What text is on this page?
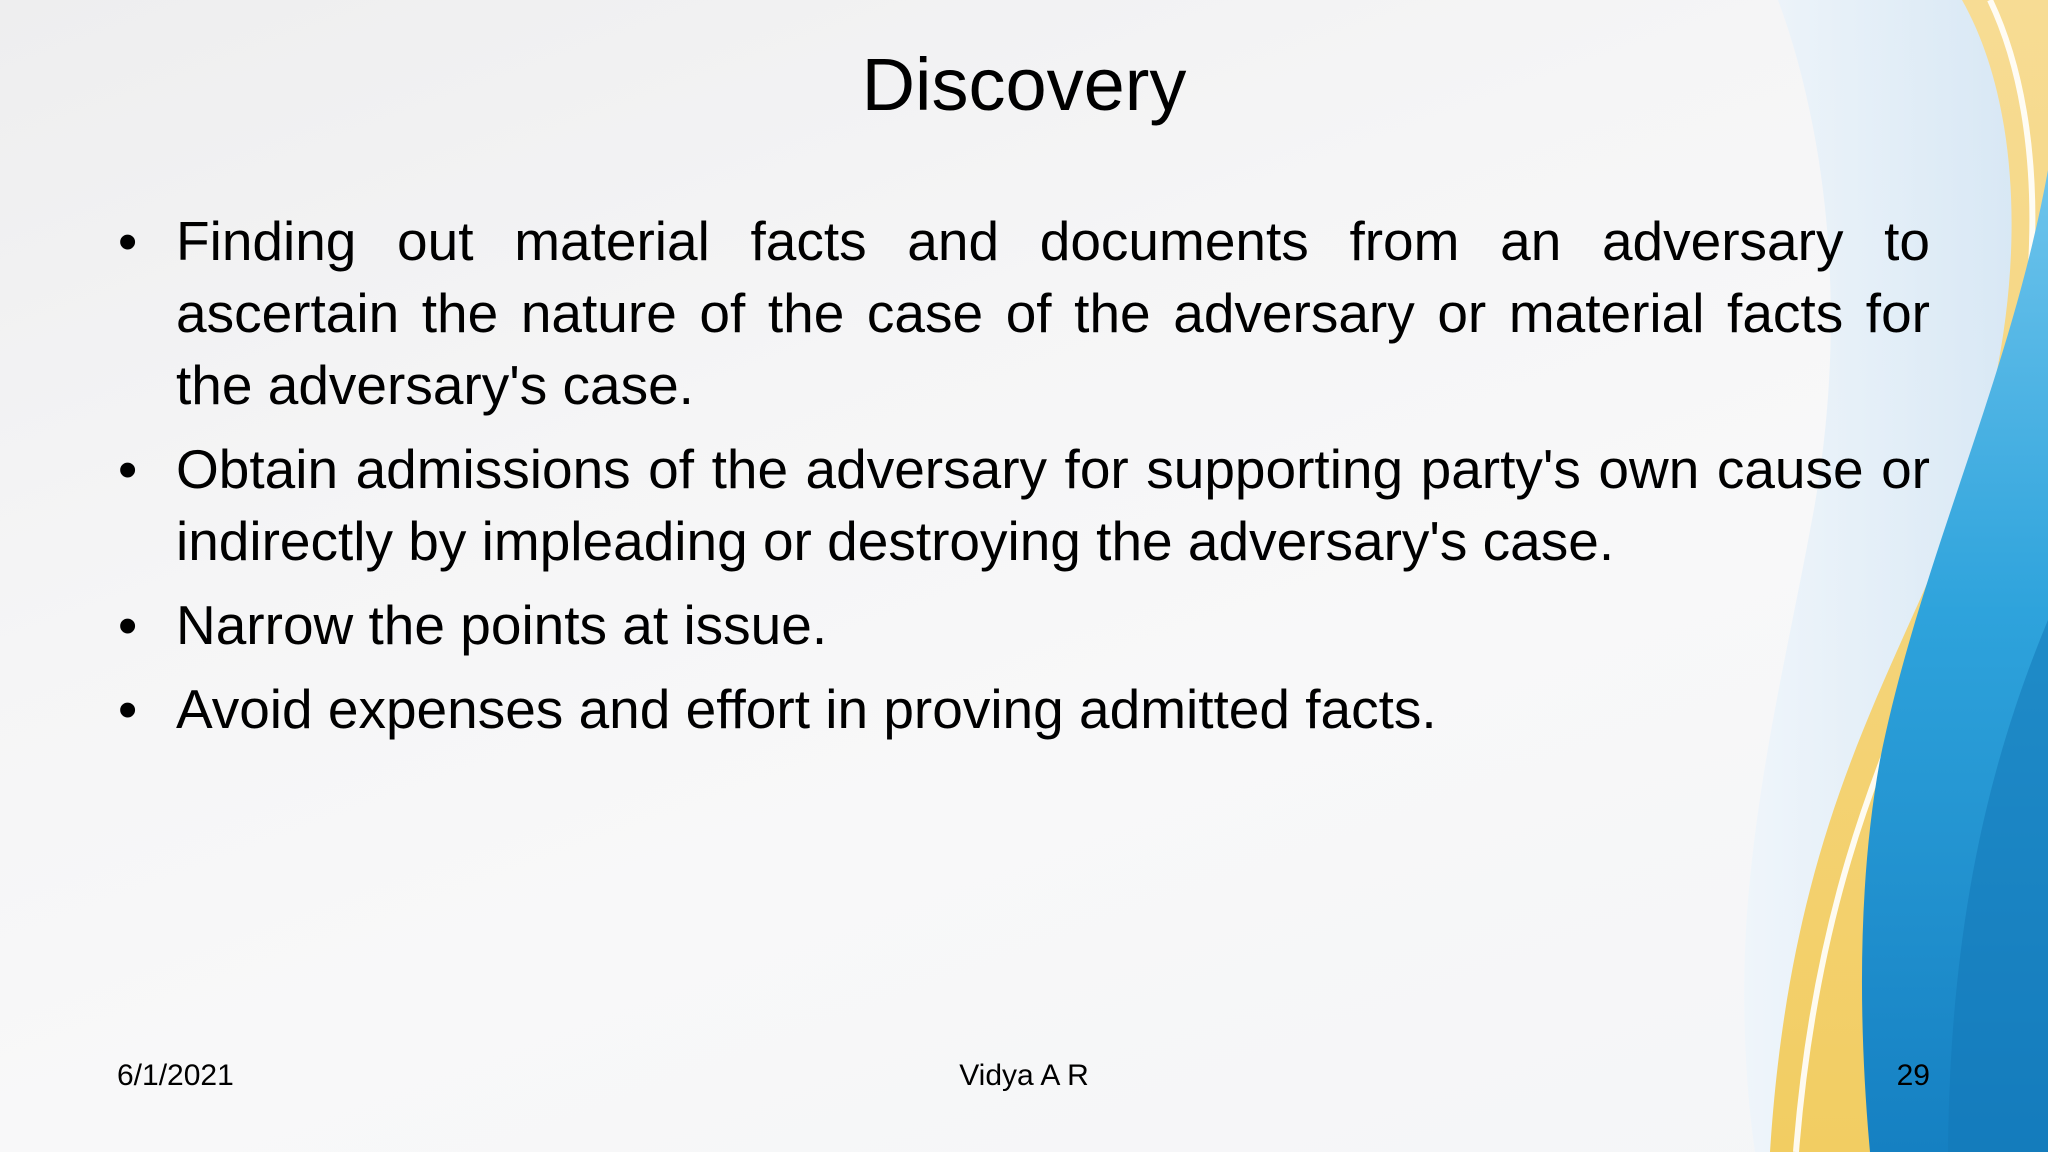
Discovery
• Finding out material facts and documents from an adversary to ascertain the nature of the case of the adversary or material facts for the adversary's case.
• Obtain admissions of the adversary for supporting party's own cause or indirectly by impleading or destroying the adversary's case.
• Narrow the points at issue.
• Avoid expenses and effort in proving admitted facts.
6/1/2021	Vidya A R	29
